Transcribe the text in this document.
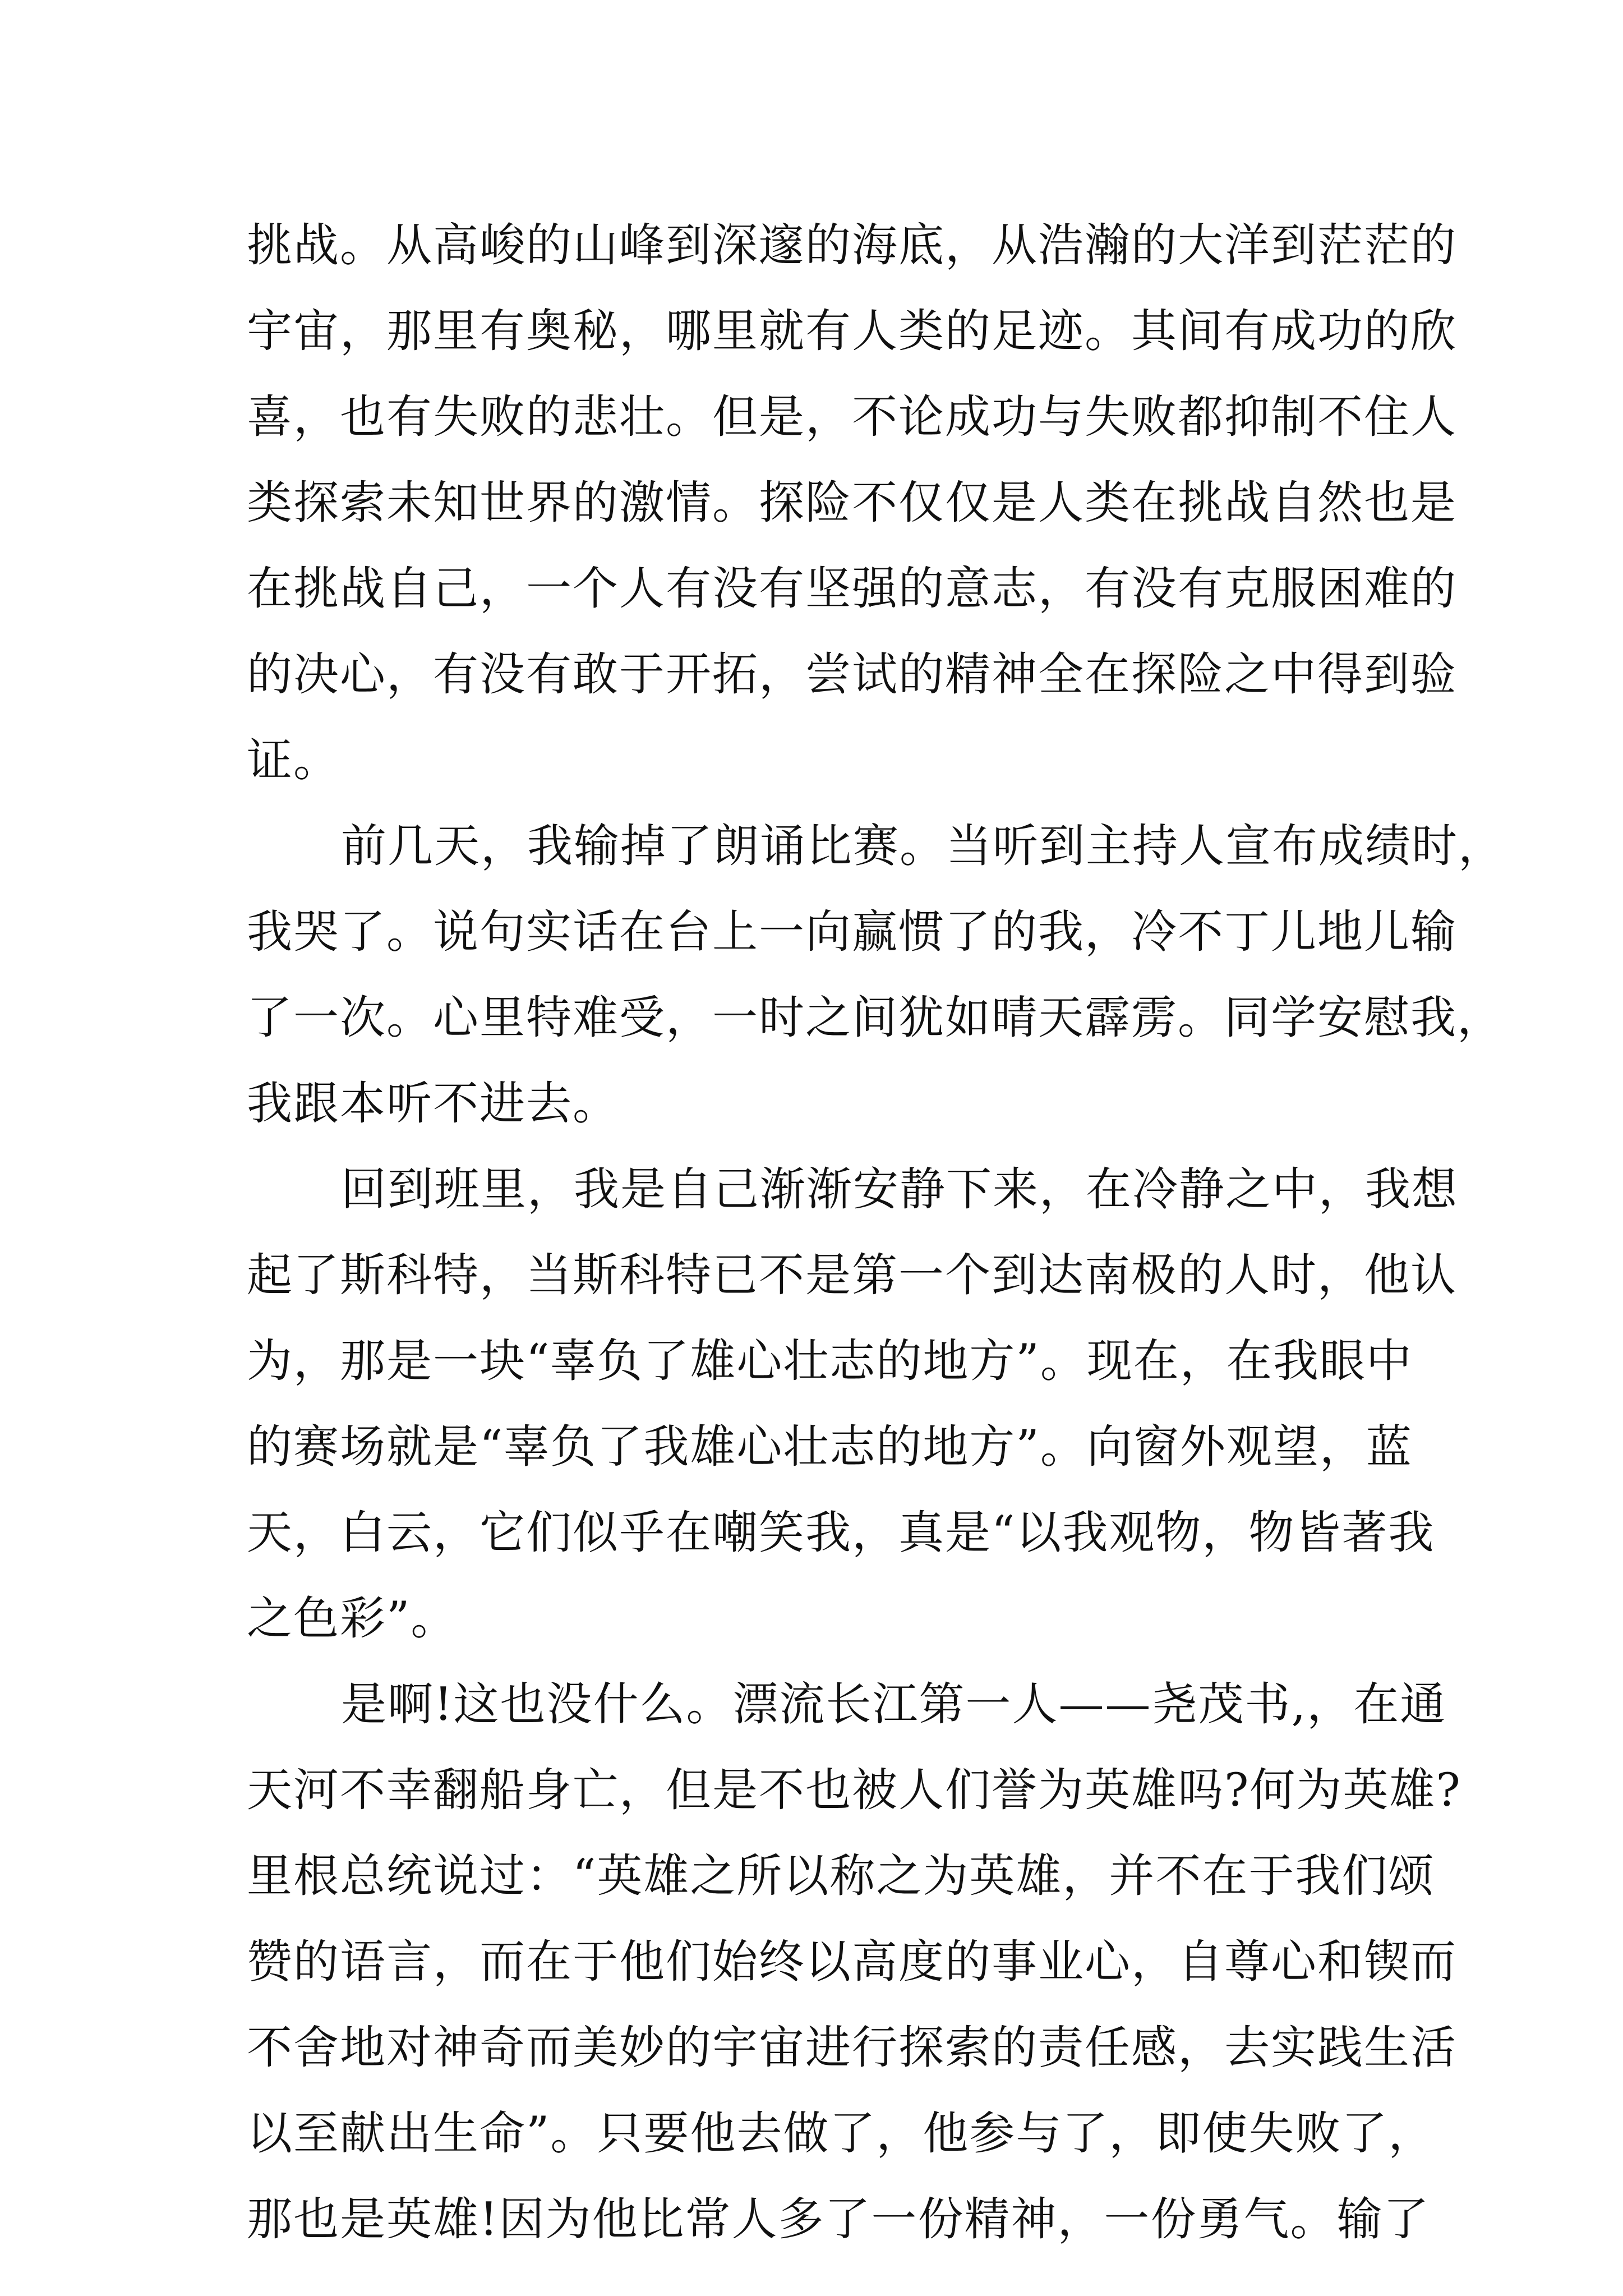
挑战。从高峻的山峰到深邃的海底，从浩瀚的大洋到茫茫的
宇宙，那里有奥秘，哪里就有人类的足迹。其间有成功的欣
喜，也有失败的悲壮。但是，不论成功与失败都抑制不住人
类探索未知世界的激情。探险不仅仅是人类在挑战自然也是
在挑战自己，一个人有没有坚强的意志，有没有克服困难的
的决心，有没有敢于开拓，尝试的精神全在探险之中得到验
证。
前几天，我输掉了朗诵比赛。当听到主持人宣布成绩时，
我哭了。说句实话在台上一向赢惯了的我，冷不丁儿地儿输
了一次。心里特难受，一时之间犹如晴天霹雳。同学安慰我，
我跟本听不进去。
回到班里，我是自己渐渐安静下来，在冷静之中，我想
起了斯科特，当斯科特已不是第一个到达南极的人时，他认
为，那是一块“辜负了雄心壮志的地方”。现在，在我眼中
的赛场就是“辜负了我雄心壮志的地方”。向窗外观望，蓝
天，白云，它们似乎在嘲笑我，真是“以我观物，物皆著我
之色彩”。
是啊!这也没什么。漂流长江第一人——尧茂书,，在通
天河不幸翻船身亡，但是不也被人们誉为英雄吗?何为英雄?
里根总统说过：“英雄之所以称之为英雄，并不在于我们颂
赞的语言，而在于他们始终以高度的事业心，自尊心和锲而
不舍地对神奇而美妙的宇宙进行探索的责任感，去实践生活
以至献出生命”。只要他去做了，他参与了，即使失败了，
那也是英雄!因为他比常人多了一份精神，一份勇气。输了
